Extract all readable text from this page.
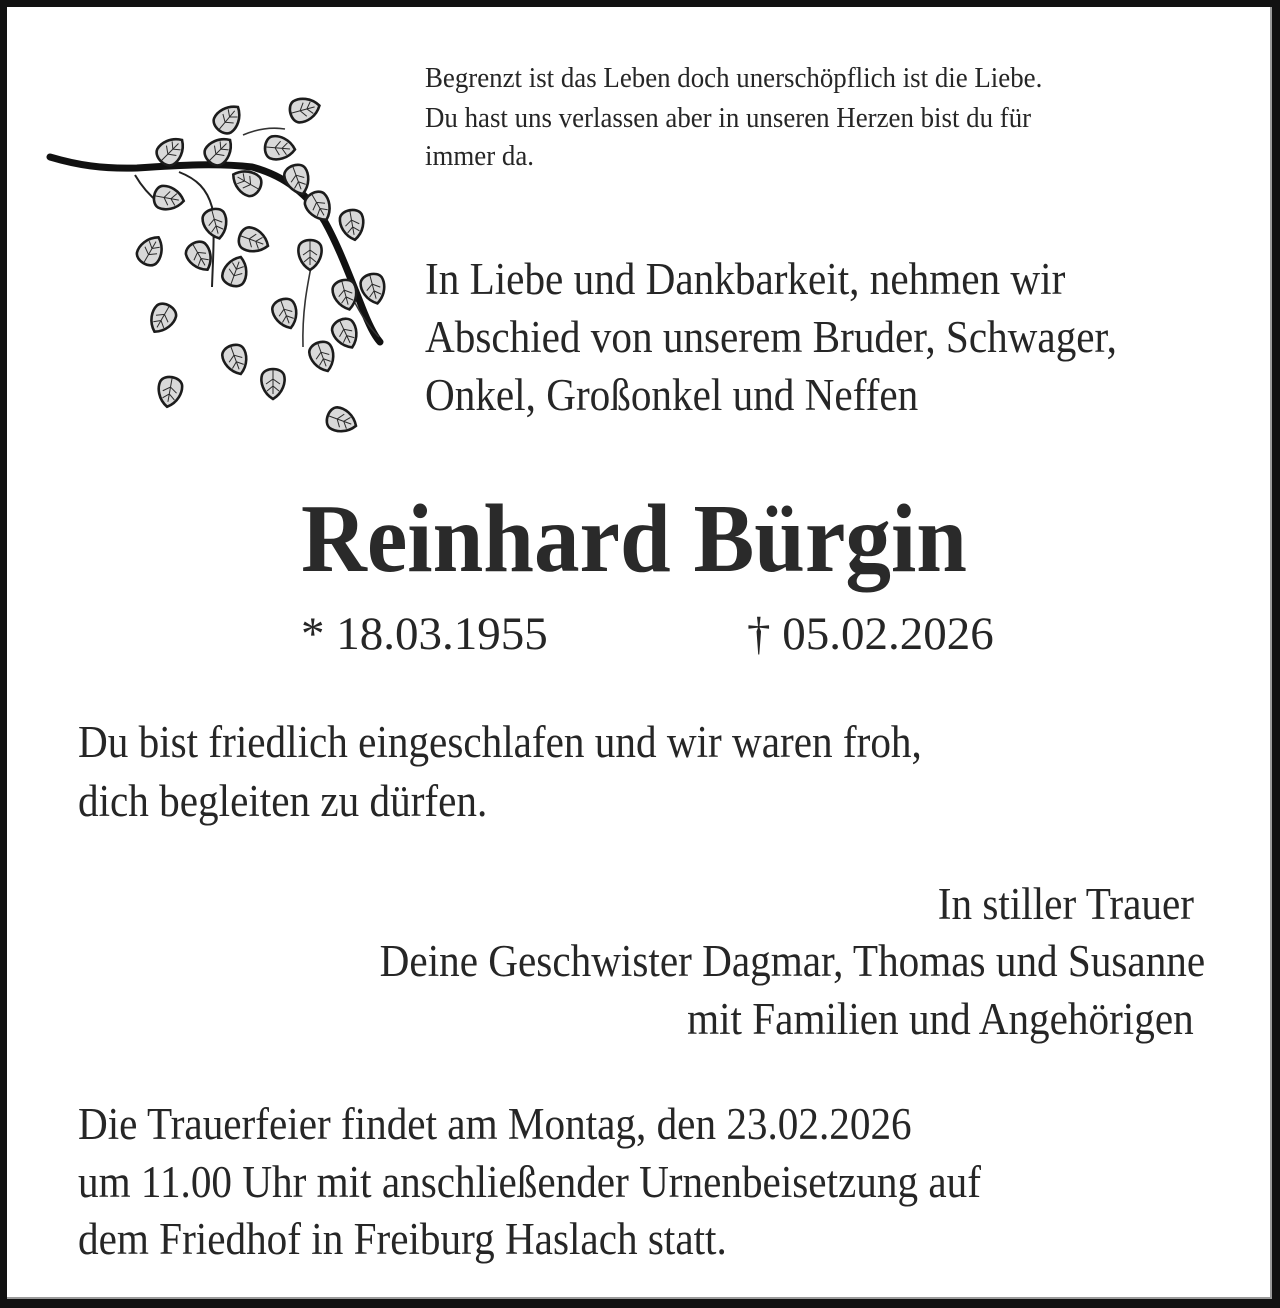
Begrenzt ist das Leben doch unerschöpflich ist die Liebe.
Du hast uns verlassen aber in unseren Herzen bist du für
immer da.
In Liebe und Dankbarkeit, nehmen wir
Abschied von unserem Bruder, Schwager,
Onkel, Großonkel und Neffen
Reinhard Bürgin
* 18.03.1955	† 05.02.2026
Du bist friedlich eingeschlafen und wir waren froh,
dich begleiten zu dürfen.
In stiller Trauer
Deine Geschwister Dagmar, Thomas und Susanne
mit Familien und Angehörigen
Die Trauerfeier findet am Montag, den 23.02.2026
um 11.00 Uhr mit anschließender Urnenbeisetzung auf
dem Friedhof in Freiburg Haslach statt.
